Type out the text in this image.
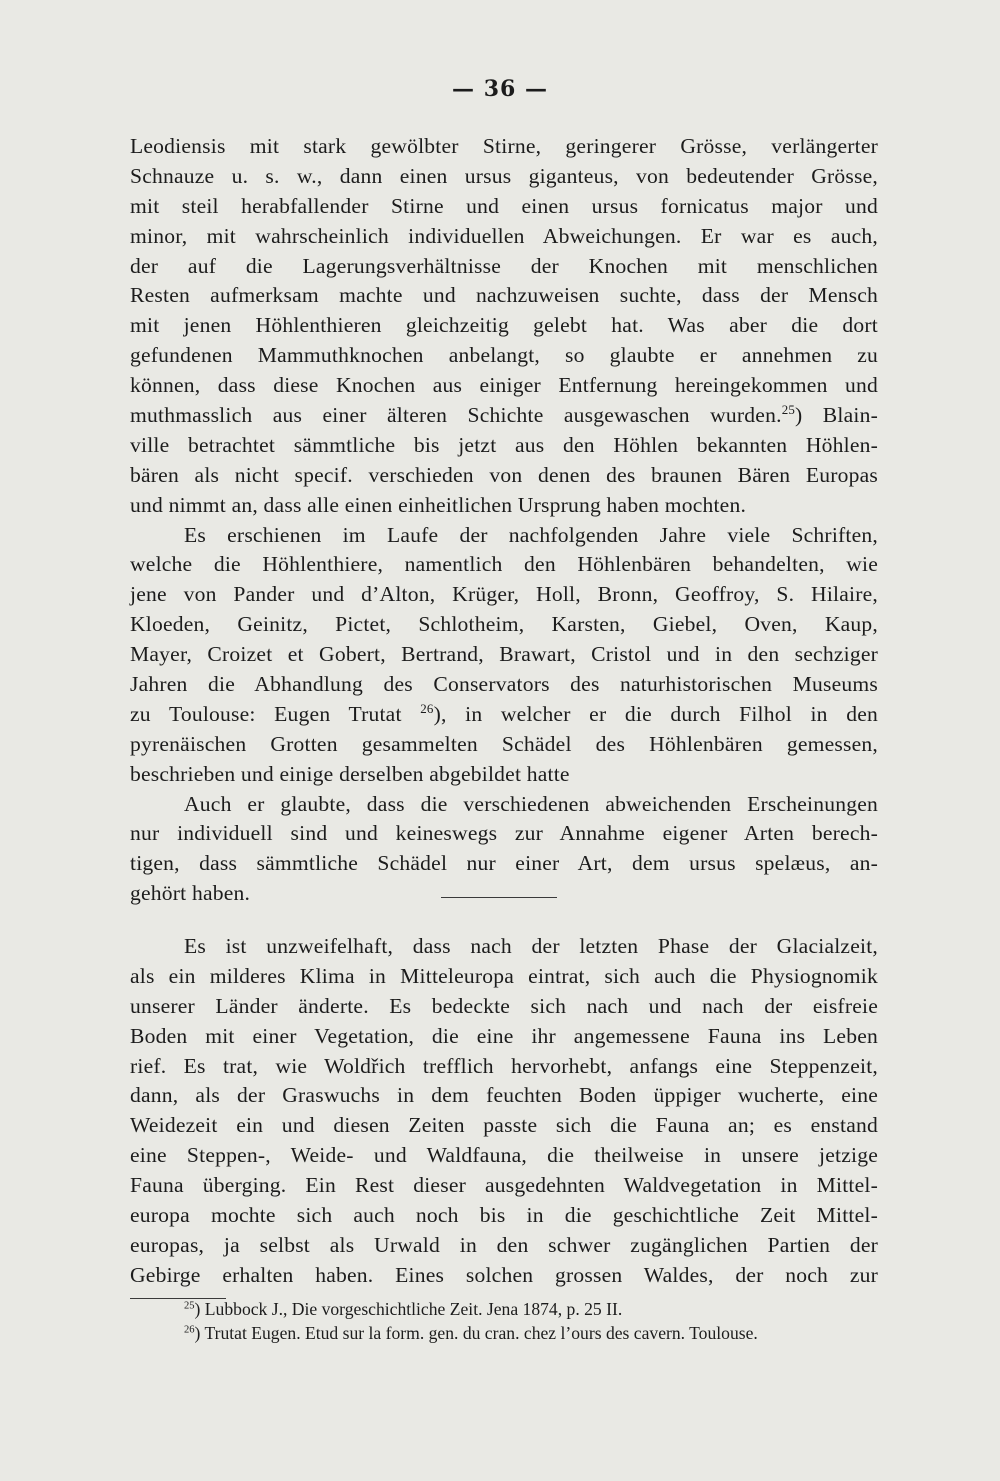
— 36 —
Leodiensis mit stark gewölbter Stirne, geringerer Grösse, verlängerter
Schnauze u. s. w., dann einen ursus giganteus, von bedeutender Grösse,
mit steil herabfallender Stirne und einen ursus fornicatus major und
minor, mit wahrscheinlich individuellen Abweichungen. Er war es auch,
der auf die Lagerungsverhältnisse der Knochen mit menschlichen
Resten aufmerksam machte und nachzuweisen suchte, dass der Mensch
mit jenen Höhlenthieren gleichzeitig gelebt hat. Was aber die dort
gefundenen Mammuthknochen anbelangt, so glaubte er annehmen zu
können, dass diese Knochen aus einiger Entfernung hereingekommen und
muthmasslich aus einer älteren Schichte ausgewaschen wurden.$^{25}$) Blain-
ville betrachtet sämmtliche bis jetzt aus den Höhlen bekannten Höhlen-
bären als nicht specif. verschieden von denen des braunen Bären Europas
und nimmt an, dass alle einen einheitlichen Ursprung haben mochten.
Es erschienen im Laufe der nachfolgenden Jahre viele Schriften,
welche die Höhlenthiere, namentlich den Höhlenbären behandelten, wie
jene von Pander und d’Alton, Krüger, Holl, Bronn, Geoffroy, S. Hilaire,
Kloeden, Geinitz, Pictet, Schlotheim, Karsten, Giebel, Oven, Kaup,
Mayer, Croizet et Gobert, Bertrand, Brawart, Cristol und in den sechziger
Jahren die Abhandlung des Conservators des naturhistorischen Museums
zu Toulouse: Eugen Trutat $^{26}$), in welcher er die durch Filhol in den
pyrenäischen Grotten gesammelten Schädel des Höhlenbären gemessen,
beschrieben und einige derselben abgebildet hatte
Auch er glaubte, dass die verschiedenen abweichenden Erscheinungen
nur individuell sind und keineswegs zur Annahme eigener Arten berech-
tigen, dass sämmtliche Schädel nur einer Art, dem ursus spelæus, an-
gehört haben.
Es ist unzweifelhaft, dass nach der letzten Phase der Glacialzeit,
als ein milderes Klima in Mitteleuropa eintrat, sich auch die Physiognomik
unserer Länder änderte. Es bedeckte sich nach und nach der eisfreie
Boden mit einer Vegetation, die eine ihr angemessene Fauna ins Leben
rief. Es trat, wie Woldřich trefflich hervorhebt, anfangs eine Steppenzeit,
dann, als der Graswuchs in dem feuchten Boden üppiger wucherte, eine
Weidezeit ein und diesen Zeiten passte sich die Fauna an; es enstand
eine Steppen-, Weide- und Waldfauna, die theilweise in unsere jetzige
Fauna überging. Ein Rest dieser ausgedehnten Waldvegetation in Mittel-
europa mochte sich auch noch bis in die geschichtliche Zeit Mittel-
europas, ja selbst als Urwald in den schwer zugänglichen Partien der
Gebirge erhalten haben. Eines solchen grossen Waldes, der noch zur
$^{25}$) Lubbock J., Die vorgeschichtliche Zeit. Jena 1874, p. 25 II.
$^{26}$) Trutat Eugen. Etud sur la form. gen. du cran. chez l’ours des cavern. Toulouse.
